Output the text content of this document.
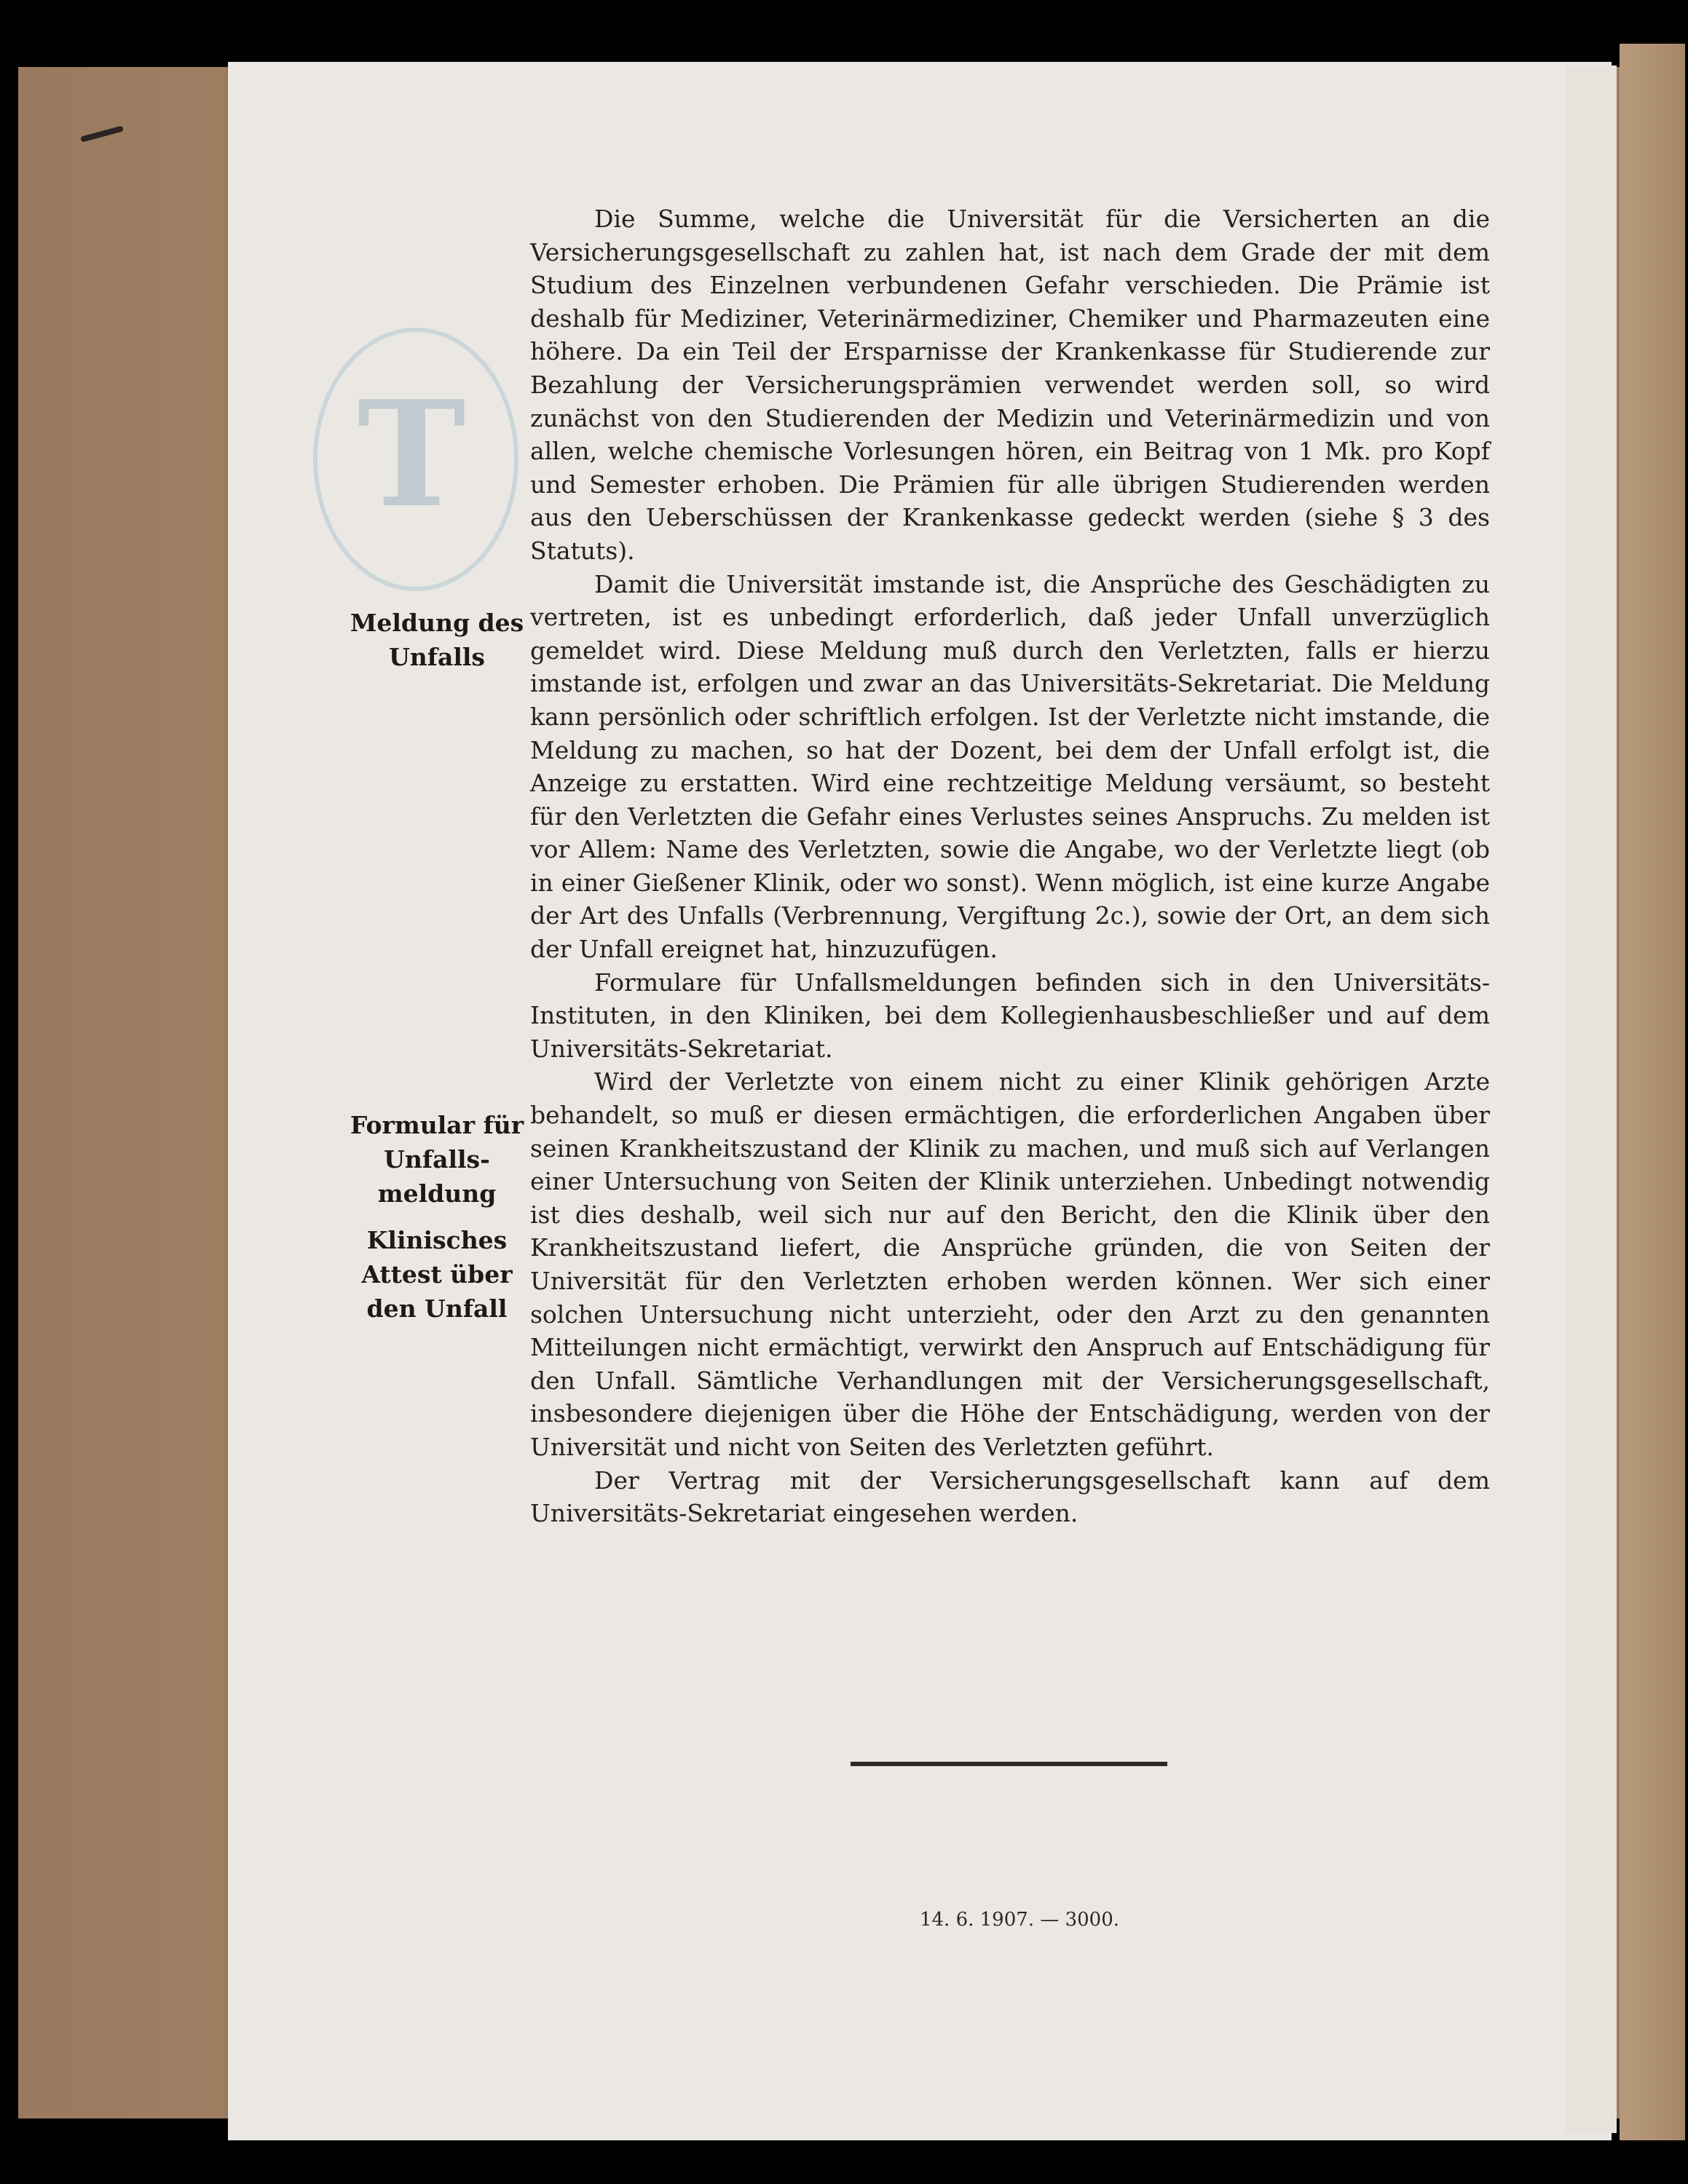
T

Meldung des Unfalls

Formular für Unfalls-meldung

Klinisches Attest über den Unfall

Die Summe, welche die Universität für die Versicherten an die Versicherungsgesellschaft zu zahlen hat, ist nach dem Grade der mit dem Studium des Einzelnen verbundenen Gefahr verschieden. Die Prämie ist deshalb für Mediziner, Veterinärmediziner, Chemiker und Pharmazeuten eine höhere. Da ein Teil der Ersparnisse der Krankenkasse für Studierende zur Bezahlung der Versicherungsprämien verwendet werden soll, so wird zunächst von den Studierenden der Medizin und Veterinärmedizin und von allen, welche chemische Vorlesungen hören, ein Beitrag von 1 Mk. pro Kopf und Semester erhoben. Die Prämien für alle übrigen Studierenden werden aus den Ueberschüssen der Krankenkasse gedeckt werden (siehe § 3 des Statuts).

Damit die Universität imstande ist, die Ansprüche des Geschädigten zu vertreten, ist es unbedingt erforderlich, daß jeder Unfall unverzüglich gemeldet wird. Diese Meldung muß durch den Verletzten, falls er hierzu imstande ist, erfolgen und zwar an das Universitäts-Sekretariat. Die Meldung kann persönlich oder schriftlich erfolgen. Ist der Verletzte nicht imstande, die Meldung zu machen, so hat der Dozent, bei dem der Unfall erfolgt ist, die Anzeige zu erstatten. Wird eine rechtzeitige Meldung versäumt, so besteht für den Verletzten die Gefahr eines Verlustes seines Anspruchs. Zu melden ist vor Allem: Name des Verletzten, sowie die Angabe, wo der Verletzte liegt (ob in einer Gießener Klinik, oder wo sonst). Wenn möglich, ist eine kurze Angabe der Art des Unfalls (Verbrennung, Vergiftung 2c.), sowie der Ort, an dem sich der Unfall ereignet hat, hinzuzufügen.

Formulare für Unfallsmeldungen befinden sich in den Universitäts-Instituten, in den Kliniken, bei dem Kollegienhausbeschließer und auf dem Universitäts-Sekretariat.

Wird der Verletzte von einem nicht zu einer Klinik gehörigen Arzte behandelt, so muß er diesen ermächtigen, die erforderlichen Angaben über seinen Krankheitszustand der Klinik zu machen, und muß sich auf Verlangen einer Untersuchung von Seiten der Klinik unterziehen. Unbedingt notwendig ist dies deshalb, weil sich nur auf den Bericht, den die Klinik über den Krankheitszustand liefert, die Ansprüche gründen, die von Seiten der Universität für den Verletzten erhoben werden können. Wer sich einer solchen Untersuchung nicht unterzieht, oder den Arzt zu den genannten Mitteilungen nicht ermächtigt, verwirkt den Anspruch auf Entschädigung für den Unfall. Sämtliche Verhandlungen mit der Versicherungsgesellschaft, insbesondere diejenigen über die Höhe der Entschädigung, werden von der Universität und nicht von Seiten des Verletzten geführt.

Der Vertrag mit der Versicherungsgesellschaft kann auf dem Universitäts-Sekretariat eingesehen werden.

14. 6. 1907. — 3000.
